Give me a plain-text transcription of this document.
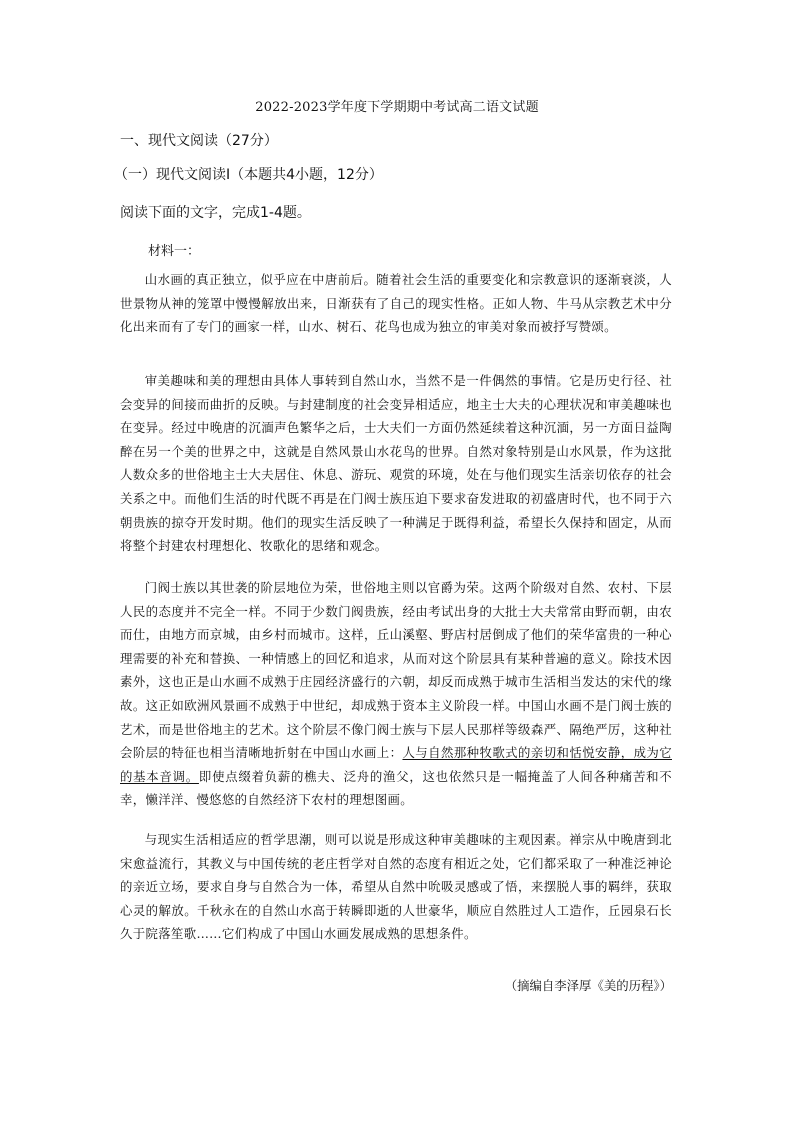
2022-2023学年度下学期期中考试高二语文试题
一、现代文阅读（27分）
（一）现代文阅读Ⅰ（本题共4小题，12分）
阅读下面的文字，完成1-4题。
材料一：

山水画的真正独立，似乎应在中唐前后。随着社会生活的重要变化和宗教意识的逐渐衰淡，人世景物从神的笼罩中慢慢解放出来，日渐获有了自己的现实性格。正如人物、牛马从宗教艺术中分化出来而有了专门的画家一样，山水、树石、花鸟也成为独立的审美对象而被抒写赞颂。

审美趣味和美的理想由具体人事转到自然山水，当然不是一件偶然的事情。它是历史行径、社会变异的间接而曲折的反映。与封建制度的社会变异相适应，地主士大夫的心理状况和审美趣味也在变异。经过中晚唐的沉湎声色繁华之后，士大夫们一方面仍然延续着这种沉湎，另一方面日益陶醉在另一个美的世界之中，这就是自然风景山水花鸟的世界。自然对象特别是山水风景，作为这批人数众多的世俗地主士大夫居住、休息、游玩、观赏的环境，处在与他们现实生活亲切依存的社会关系之中。而他们生活的时代既不再是在门阀士族压迫下要求奋发进取的初盛唐时代，也不同于六朝贵族的掠夺开发时期。他们的现实生活反映了一种满足于既得利益，希望长久保持和固定，从而将整个封建农村理想化、牧歌化的思绪和观念。

门阀士族以其世袭的阶层地位为荣，世俗地主则以官爵为荣。这两个阶级对自然、农村、下层人民的态度并不完全一样。不同于少数门阀贵族，经由考试出身的大批士大夫常常由野而朝，由农而仕，由地方而京城，由乡村而城市。这样，丘山溪壑、野店村居倒成了他们的荣华富贵的一种心理需要的补充和替换、一种情感上的回忆和追求，从而对这个阶层具有某种普遍的意义。除技术因素外，这也正是山水画不成熟于庄园经济盛行的六朝，却反而成熟于城市生活相当发达的宋代的缘故。这正如欧洲风景画不成熟于中世纪，却成熟于资本主义阶段一样。中国山水画不是门阀士族的艺术，而是世俗地主的艺术。这个阶层不像门阀士族与下层人民那样等级森严、隔绝严厉，这种社会阶层的特征也相当清晰地折射在中国山水画上：人与自然那种牧歌式的亲切和恬悦安静，成为它的基本音调。即使点缀着负薪的樵夫、泛舟的渔父，这也依然只是一幅掩盖了人间各种痛苦和不幸，懒洋洋、慢悠悠的自然经济下农村的理想图画。

与现实生活相适应的哲学思潮，则可以说是形成这种审美趣味的主观因素。禅宗从中晚唐到北宋愈益流行，其教义与中国传统的老庄哲学对自然的态度有相近之处，它们都采取了一种准泛神论的亲近立场，要求自身与自然合为一体，希望从自然中吮吸灵感或了悟，来摆脱人事的羁绊，获取心灵的解放。千秋永在的自然山水高于转瞬即逝的人世豪华，顺应自然胜过人工造作，丘园泉石长久于院落笙歌……它们构成了中国山水画发展成熟的思想条件。

（摘编自李泽厚《美的历程》）
